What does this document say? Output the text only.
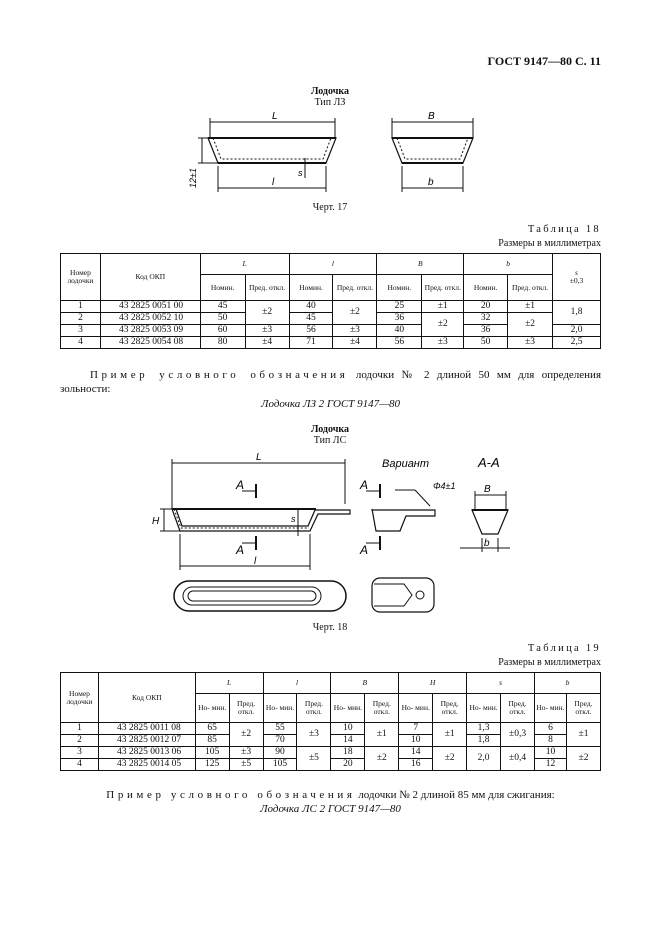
ГОСТ 9147—80 С. 11
Лодочка
Тип ЛЗ
L
l
s
12±1
B
b
Черт. 17
Таблица 18
Размеры в миллиметрах
Номер лодочки	Код ОКП	L		l		B		b		s
±0,3
		Номин.	Пред. откл.	Номин.	Пред. откл.	Номин.	Пред. откл.	Номин.	Пред. откл.	
1	43 2825 0051 00	45	±2	40	±2	25	±1	20	±1	1,8
2	43 2825 0052 10	50		45		36	±2	32	±2	
3	43 2825 0053 09	60	±3	56	±3	40		36		2,0
4	43 2825 0054 08	80	±4	71	±4	56	±3	50	±3	2,5
Пример условного обозначения лодочки № 2 длиной 50 мм для определения
зольности:
Лодочка ЛЗ 2 ГОСТ 9147—80
Лодочка
Тип ЛС
L
l
A
A
H	s
Вариант
A
A
Φ4±1
А-А
B
b
Черт. 18
Таблица 19
Размеры в миллиметрах
Номер лодочки	Код ОКП	L		l		B		H		s		b	
		Но- мин.	Пред. откл.	Но- мин.	Пред. откл.	Но- мин.	Пред. откл.	Но- мин.	Пред. откл.	Но- мин.	Пред. откл.	Но- мин.	Пред. откл.
1	43 2825 0011 08	65	±2	55	±3	10	±1	7	±1	1,3	±0,3	6	±1
2	43 2825 0012 07	85		70		14		10		1,8		8	
3	43 2825 0013 06	105	±3	90	±5	18	±2	14	±2	2,0	±0,4	10	±2
4	43 2825 0014 05	125	±5	105		20		16				12	
Пример условного обозначения лодочки № 2 длиной 85 мм для сжигания:
Лодочка ЛС 2 ГОСТ 9147—80
